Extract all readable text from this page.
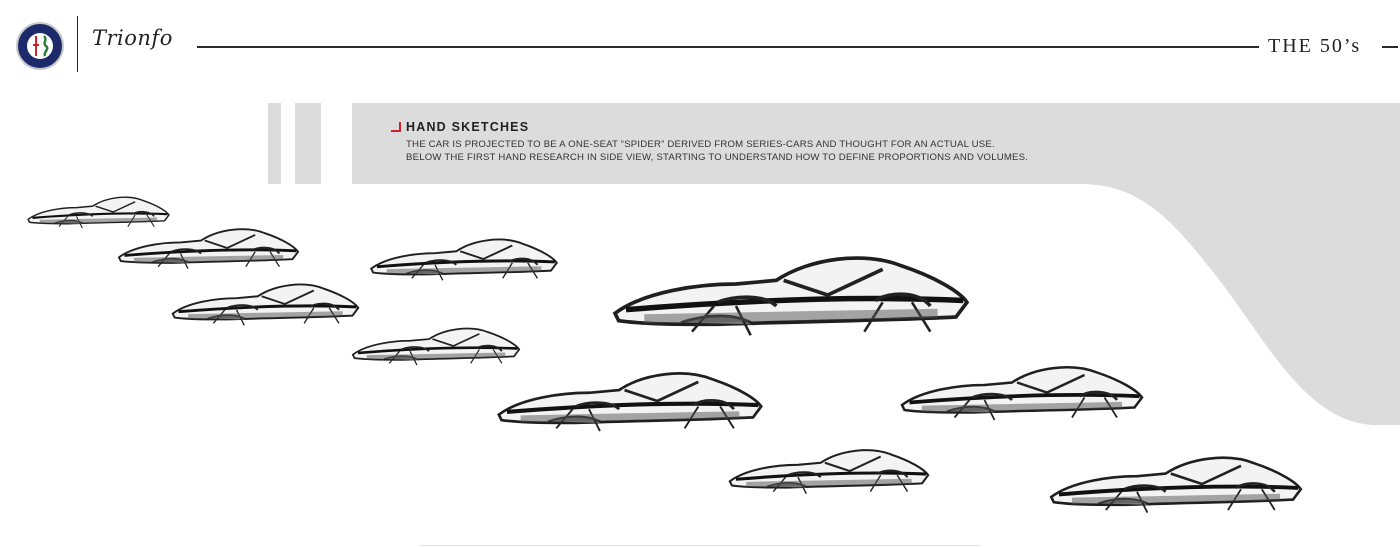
Trionfo	THE 50’s
HAND SKETCHES
THE CAR IS PROJECTED TO BE A ONE-SEAT “SPIDER” DERIVED FROM SERIES-CARS AND THOUGHT FOR AN ACTUAL USE.
BELOW THE FIRST HAND RESEARCH IN SIDE VIEW, STARTING TO UNDERSTAND HOW TO DEFINE PROPORTIONS AND VOLUMES.
